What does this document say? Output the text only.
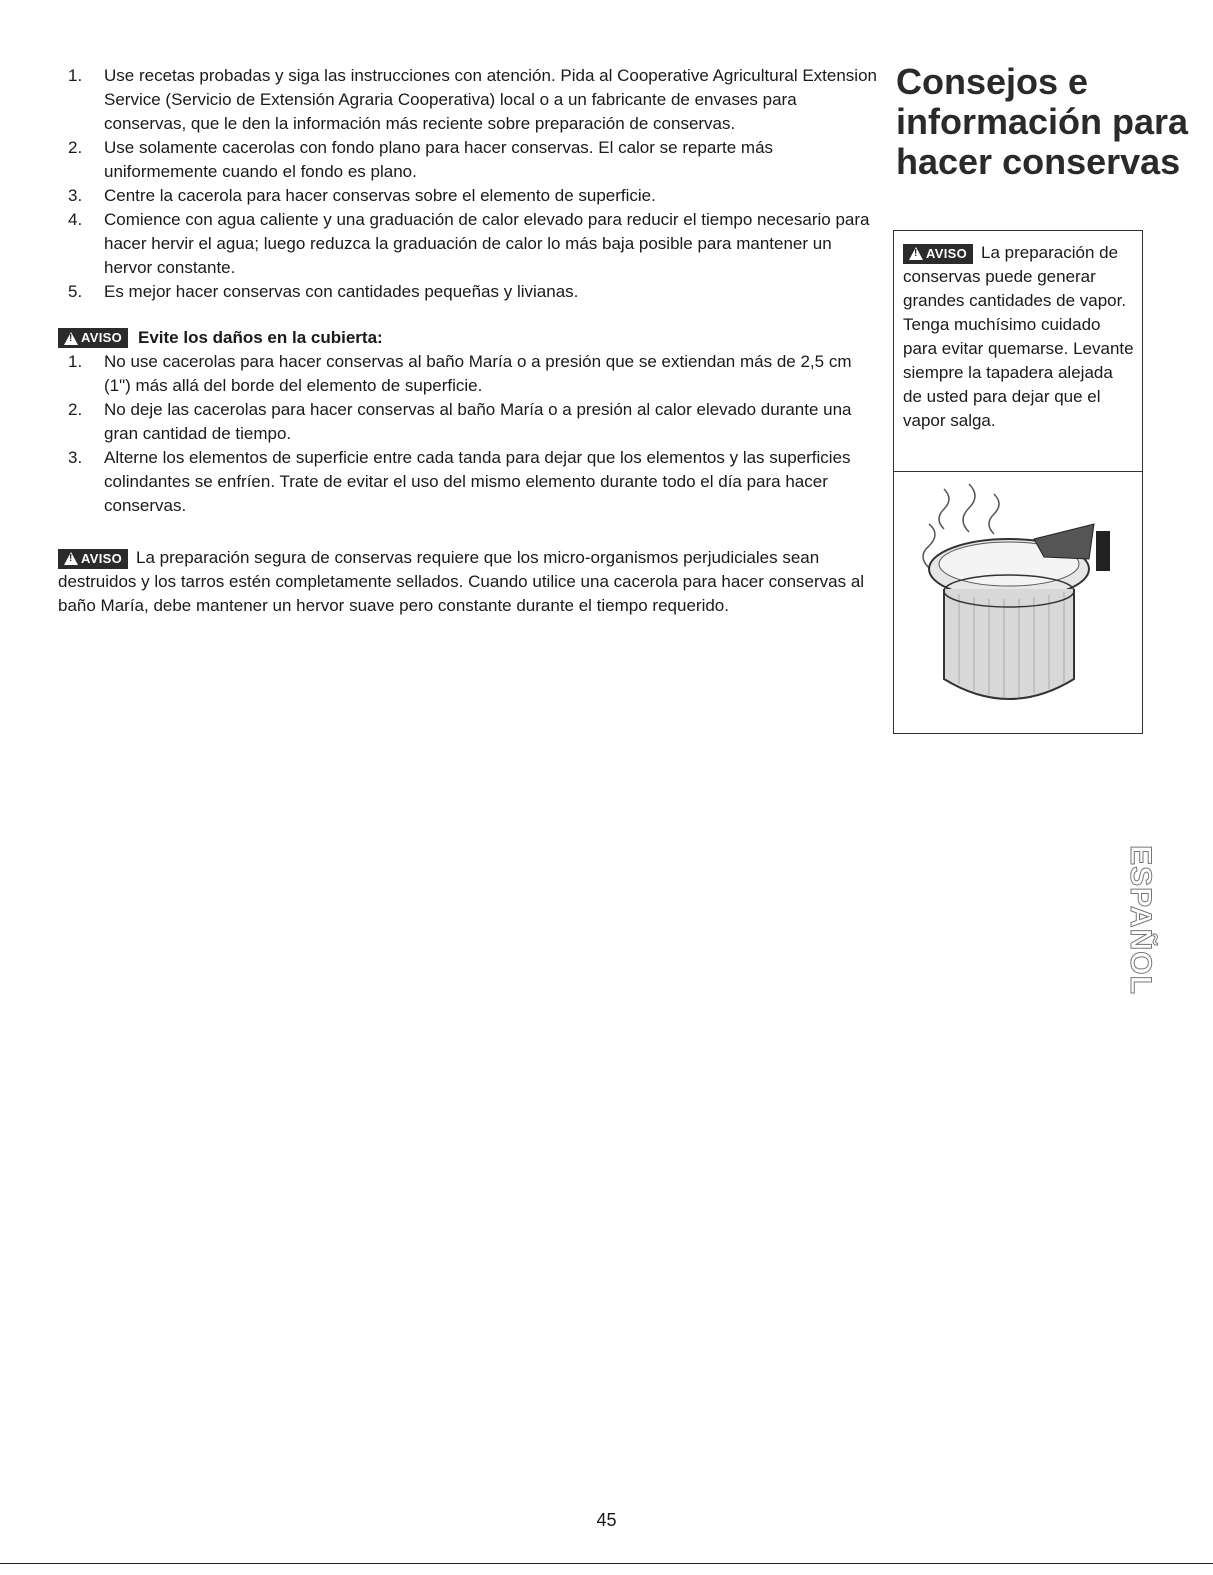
1. Use recetas probadas y siga las instrucciones con atención. Pida al Cooperative Agricultural Extension Service (Servicio de Extensión Agraria Cooperativa) local o a un fabricante de envases para conservas, que le den la información más reciente sobre preparación de conservas.
2. Use solamente cacerolas con fondo plano para hacer conservas. El calor se reparte más uniformemente cuando el fondo es plano.
3. Centre la cacerola para hacer conservas sobre el elemento de superficie.
4. Comience con agua caliente y una graduación de calor elevado para reducir el tiempo necesario para hacer hervir el agua; luego reduzca la graduación de calor lo más baja posible para mantener un hervor constante.
5. Es mejor hacer conservas con cantidades pequeñas y livianas.
!
AVISO Evite los daños en la cubierta:
1. No use cacerolas para hacer conservas al baño María o a presión que se extiendan más de 2,5 cm (1") más allá del borde del elemento de superficie.
2. No deje las cacerolas para hacer conservas al baño María o a presión al calor elevado durante una gran cantidad de tiempo.
3. Alterne los elementos de superficie entre cada tanda para dejar que los elementos y las superficies colindantes se enfríen. Trate de evitar el uso del mismo elemento durante todo el día para hacer conservas.

!
AVISO La preparación segura de conservas requiere que los micro-organismos perjudiciales sean destruidos y los tarros estén completamente sellados. Cuando utilice una cacerola para hacer conservas al baño María, debe mantener un hervor suave pero constante durante el tiempo requerido.

Consejos e información para hacer conservas
!
AVISO La preparación de conservas puede generar grandes cantidades de vapor. Tenga muchísimo cuidado para evitar quemarse. Levante siempre la tapadera alejada de usted para dejar que el vapor salga.
ESPAÑOL
45
